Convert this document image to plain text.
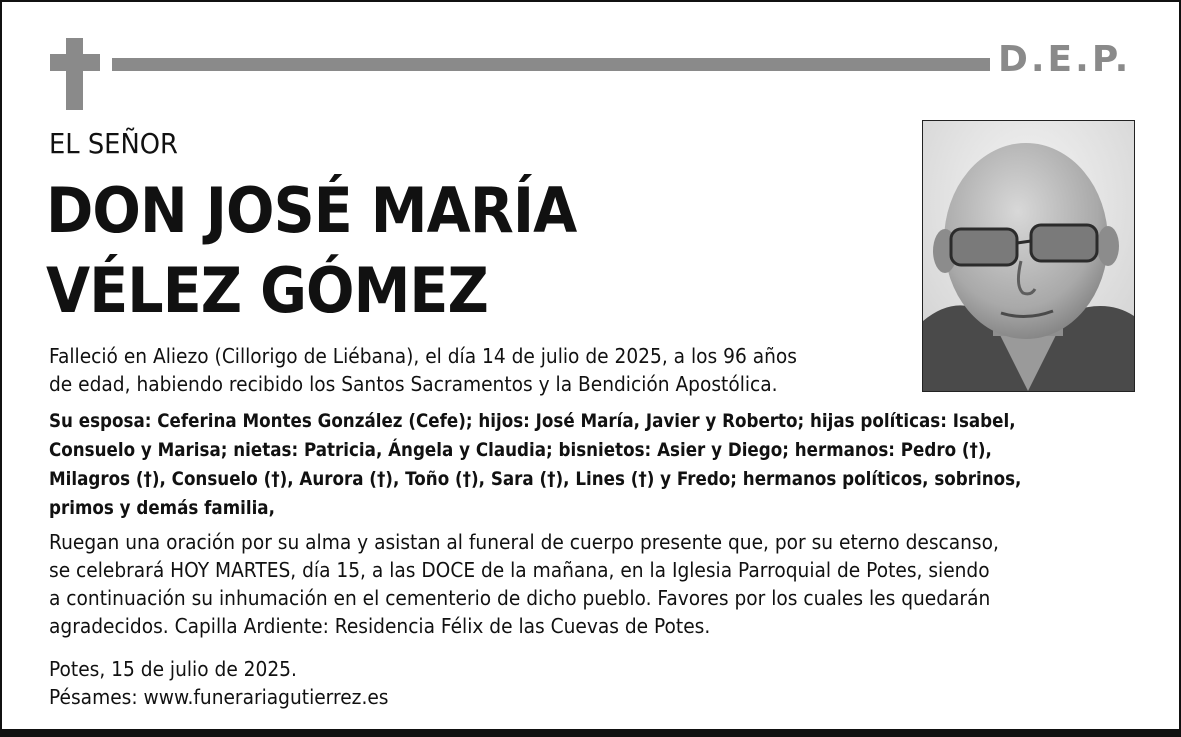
D.E.P.
EL SEÑOR
DON JOSÉ MARÍA
VÉLEZ GÓMEZ
Falleció en Aliezo (Cillorigo de Liébana), el día 14 de julio de 2025, a los 96 años
de edad, habiendo recibido los Santos Sacramentos y la Bendición Apostólica.
Su esposa: Ceferina Montes González (Cefe); hijos: José María, Javier y Roberto; hijas políticas: Isabel,
Consuelo y Marisa; nietas: Patricia, Ángela y Claudia; bisnietos: Asier y Diego; hermanos: Pedro (†),
Milagros (†), Consuelo (†), Aurora (†), Toño (†), Sara (†), Lines (†) y Fredo; hermanos políticos, sobrinos,
primos y demás familia,
Ruegan una oración por su alma y asistan al funeral de cuerpo presente que, por su eterno descanso,
se celebrará HOY MARTES, día 15, a las DOCE de la mañana, en la Iglesia Parroquial de Potes, siendo
a continuación su inhumación en el cementerio de dicho pueblo. Favores por los cuales les quedarán
agradecidos. Capilla Ardiente: Residencia Félix de las Cuevas de Potes.
Potes, 15 de julio de 2025.
Pésames: www.funerariagutierrez.es
